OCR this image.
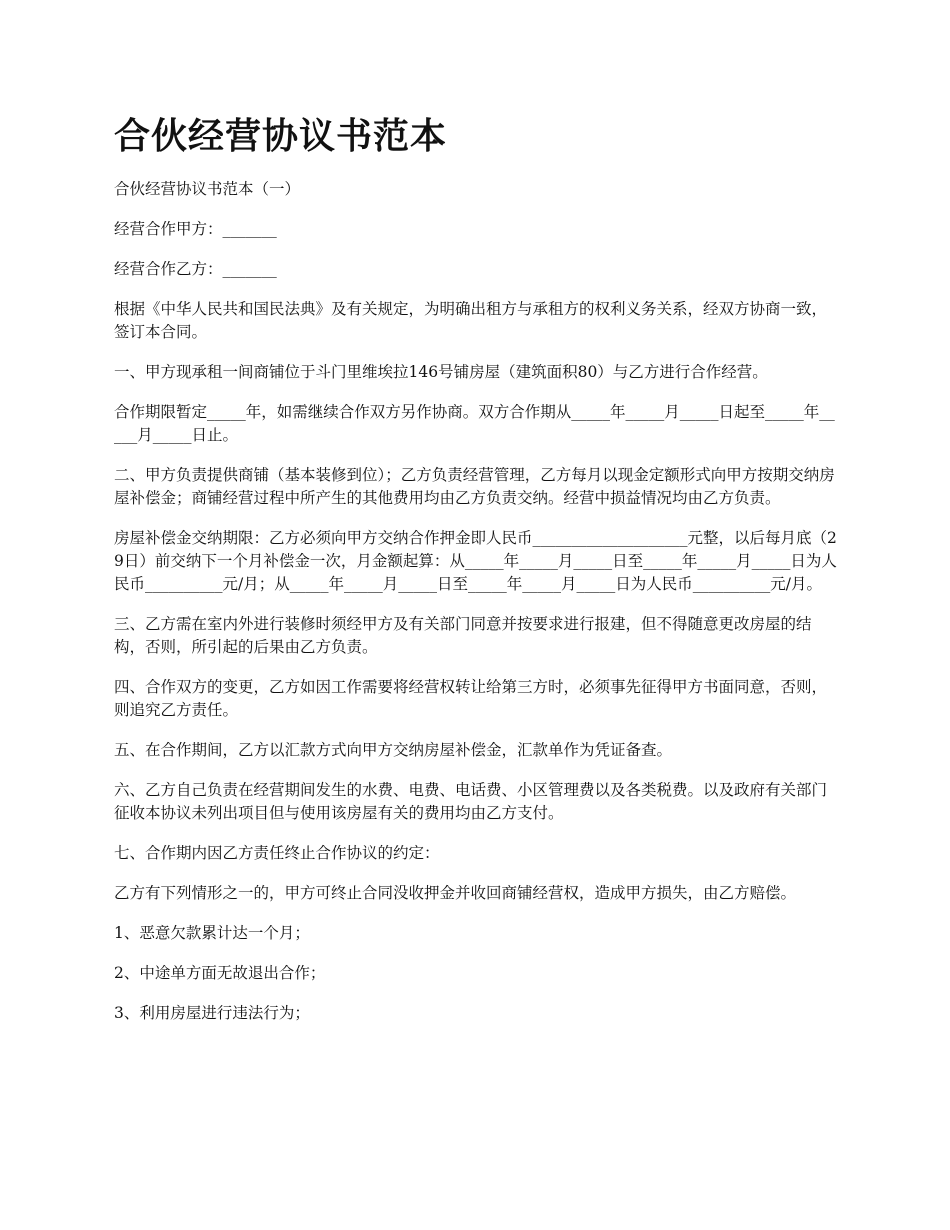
合伙经营协议书范本

合伙经营协议书范本（一）

经营合作甲方：_______

经营合作乙方：_______

根据《中华人民共和国民法典》及有关规定，为明确出租方与承租方的权利义务关系，经双方协商一致，签订本合同。

一、甲方现承租一间商铺位于斗门里维埃拉146号铺房屋（建筑面积80）与乙方进行合作经营。

合作期限暂定_____年，如需继续合作双方另作协商。双方合作期从_____年_____月_____日起至_____年_____月_____日止。

二、甲方负责提供商铺（基本装修到位）；乙方负责经营管理，乙方每月以现金定额形式向甲方按期交纳房屋补偿金；商铺经营过程中所产生的其他费用均由乙方负责交纳。经营中损益情况均由乙方负责。

房屋补偿金交纳期限：乙方必须向甲方交纳合作押金即人民币____________________元整，以后每月底（29日）前交纳下一个月补偿金一次，月金额起算：从_____年_____月_____日至_____年_____月_____日为人民币__________元/月；从_____年_____月_____日至_____年_____月_____日为人民币__________元/月。

三、乙方需在室内外进行装修时须经甲方及有关部门同意并按要求进行报建，但不得随意更改房屋的结构，否则，所引起的后果由乙方负责。

四、合作双方的变更，乙方如因工作需要将经营权转让给第三方时，必须事先征得甲方书面同意，否则，则追究乙方责任。

五、在合作期间，乙方以汇款方式向甲方交纳房屋补偿金，汇款单作为凭证备查。

六、乙方自己负责在经营期间发生的水费、电费、电话费、小区管理费以及各类税费。以及政府有关部门征收本协议未列出项目但与使用该房屋有关的费用均由乙方支付。

七、合作期内因乙方责任终止合作协议的约定：

乙方有下列情形之一的，甲方可终止合同没收押金并收回商铺经营权，造成甲方损失，由乙方赔偿。

1、恶意欠款累计达一个月；

2、中途单方面无故退出合作；

3、利用房屋进行违法行为；
